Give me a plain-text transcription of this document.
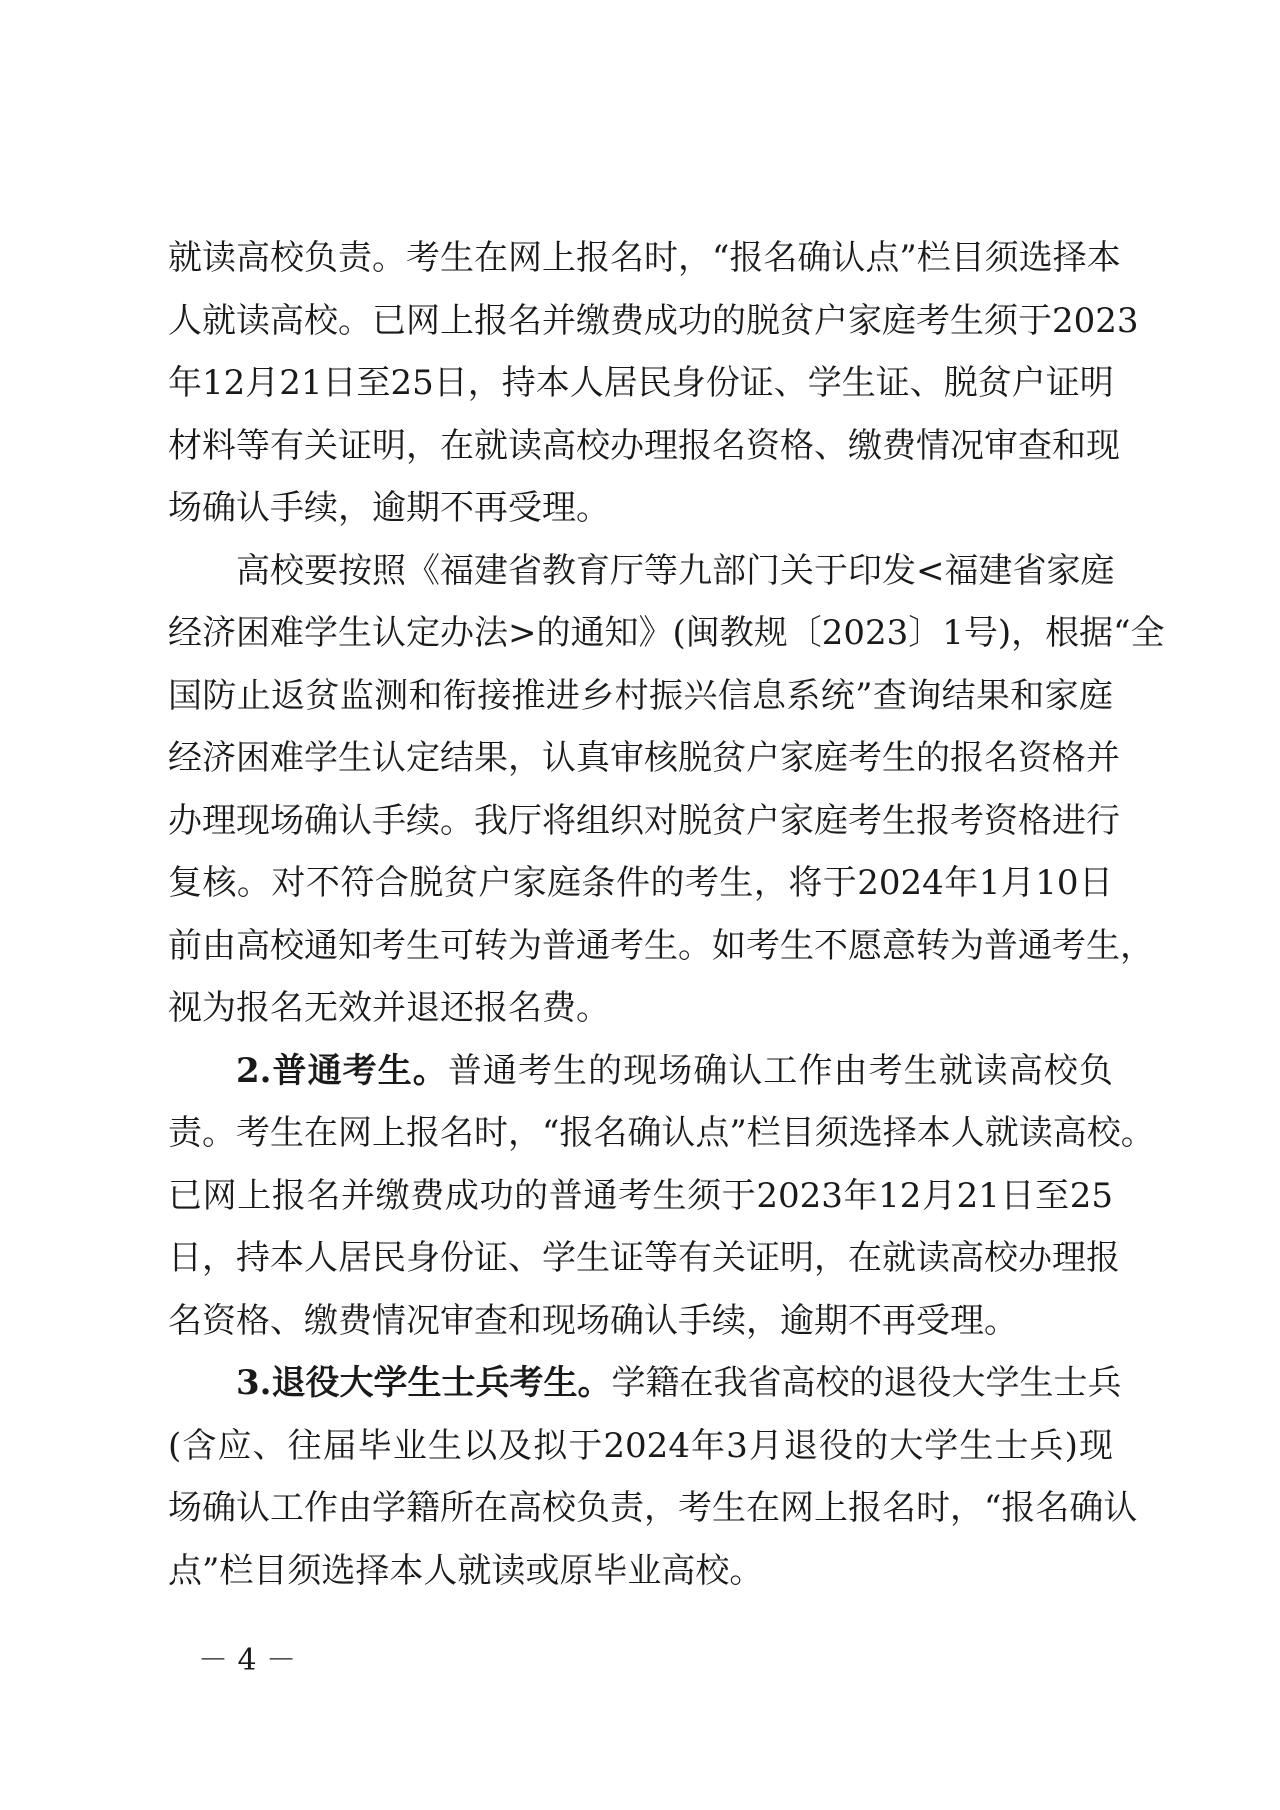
就读高校负责。考生在网上报名时，“报名确认点”栏目须选择本
人就读高校。已网上报名并缴费成功的脱贫户家庭考生须于2023
年12月21日至25日，持本人居民身份证、学生证、脱贫户证明
材料等有关证明，在就读高校办理报名资格、缴费情况审查和现
场确认手续，逾期不再受理。
高校要按照《福建省教育厅等九部门关于印发<福建省家庭
经济困难学生认定办法>的通知》(闽教规〔2023〕1号)，根据“全
国防止返贫监测和衔接推进乡村振兴信息系统”查询结果和家庭
经济困难学生认定结果，认真审核脱贫户家庭考生的报名资格并
办理现场确认手续。我厅将组织对脱贫户家庭考生报考资格进行
复核。对不符合脱贫户家庭条件的考生，将于2024年1月10日
前由高校通知考生可转为普通考生。如考生不愿意转为普通考生，
视为报名无效并退还报名费。
2.普通考生。普通考生的现场确认工作由考生就读高校负
责。考生在网上报名时，“报名确认点”栏目须选择本人就读高校。
已网上报名并缴费成功的普通考生须于2023年12月21日至25
日，持本人居民身份证、学生证等有关证明，在就读高校办理报
名资格、缴费情况审查和现场确认手续，逾期不再受理。
3.退役大学生士兵考生。学籍在我省高校的退役大学生士兵
(含应、往届毕业生以及拟于2024年3月退役的大学生士兵)现
场确认工作由学籍所在高校负责，考生在网上报名时，“报名确认
点”栏目须选择本人就读或原毕业高校。
－ 4 －
